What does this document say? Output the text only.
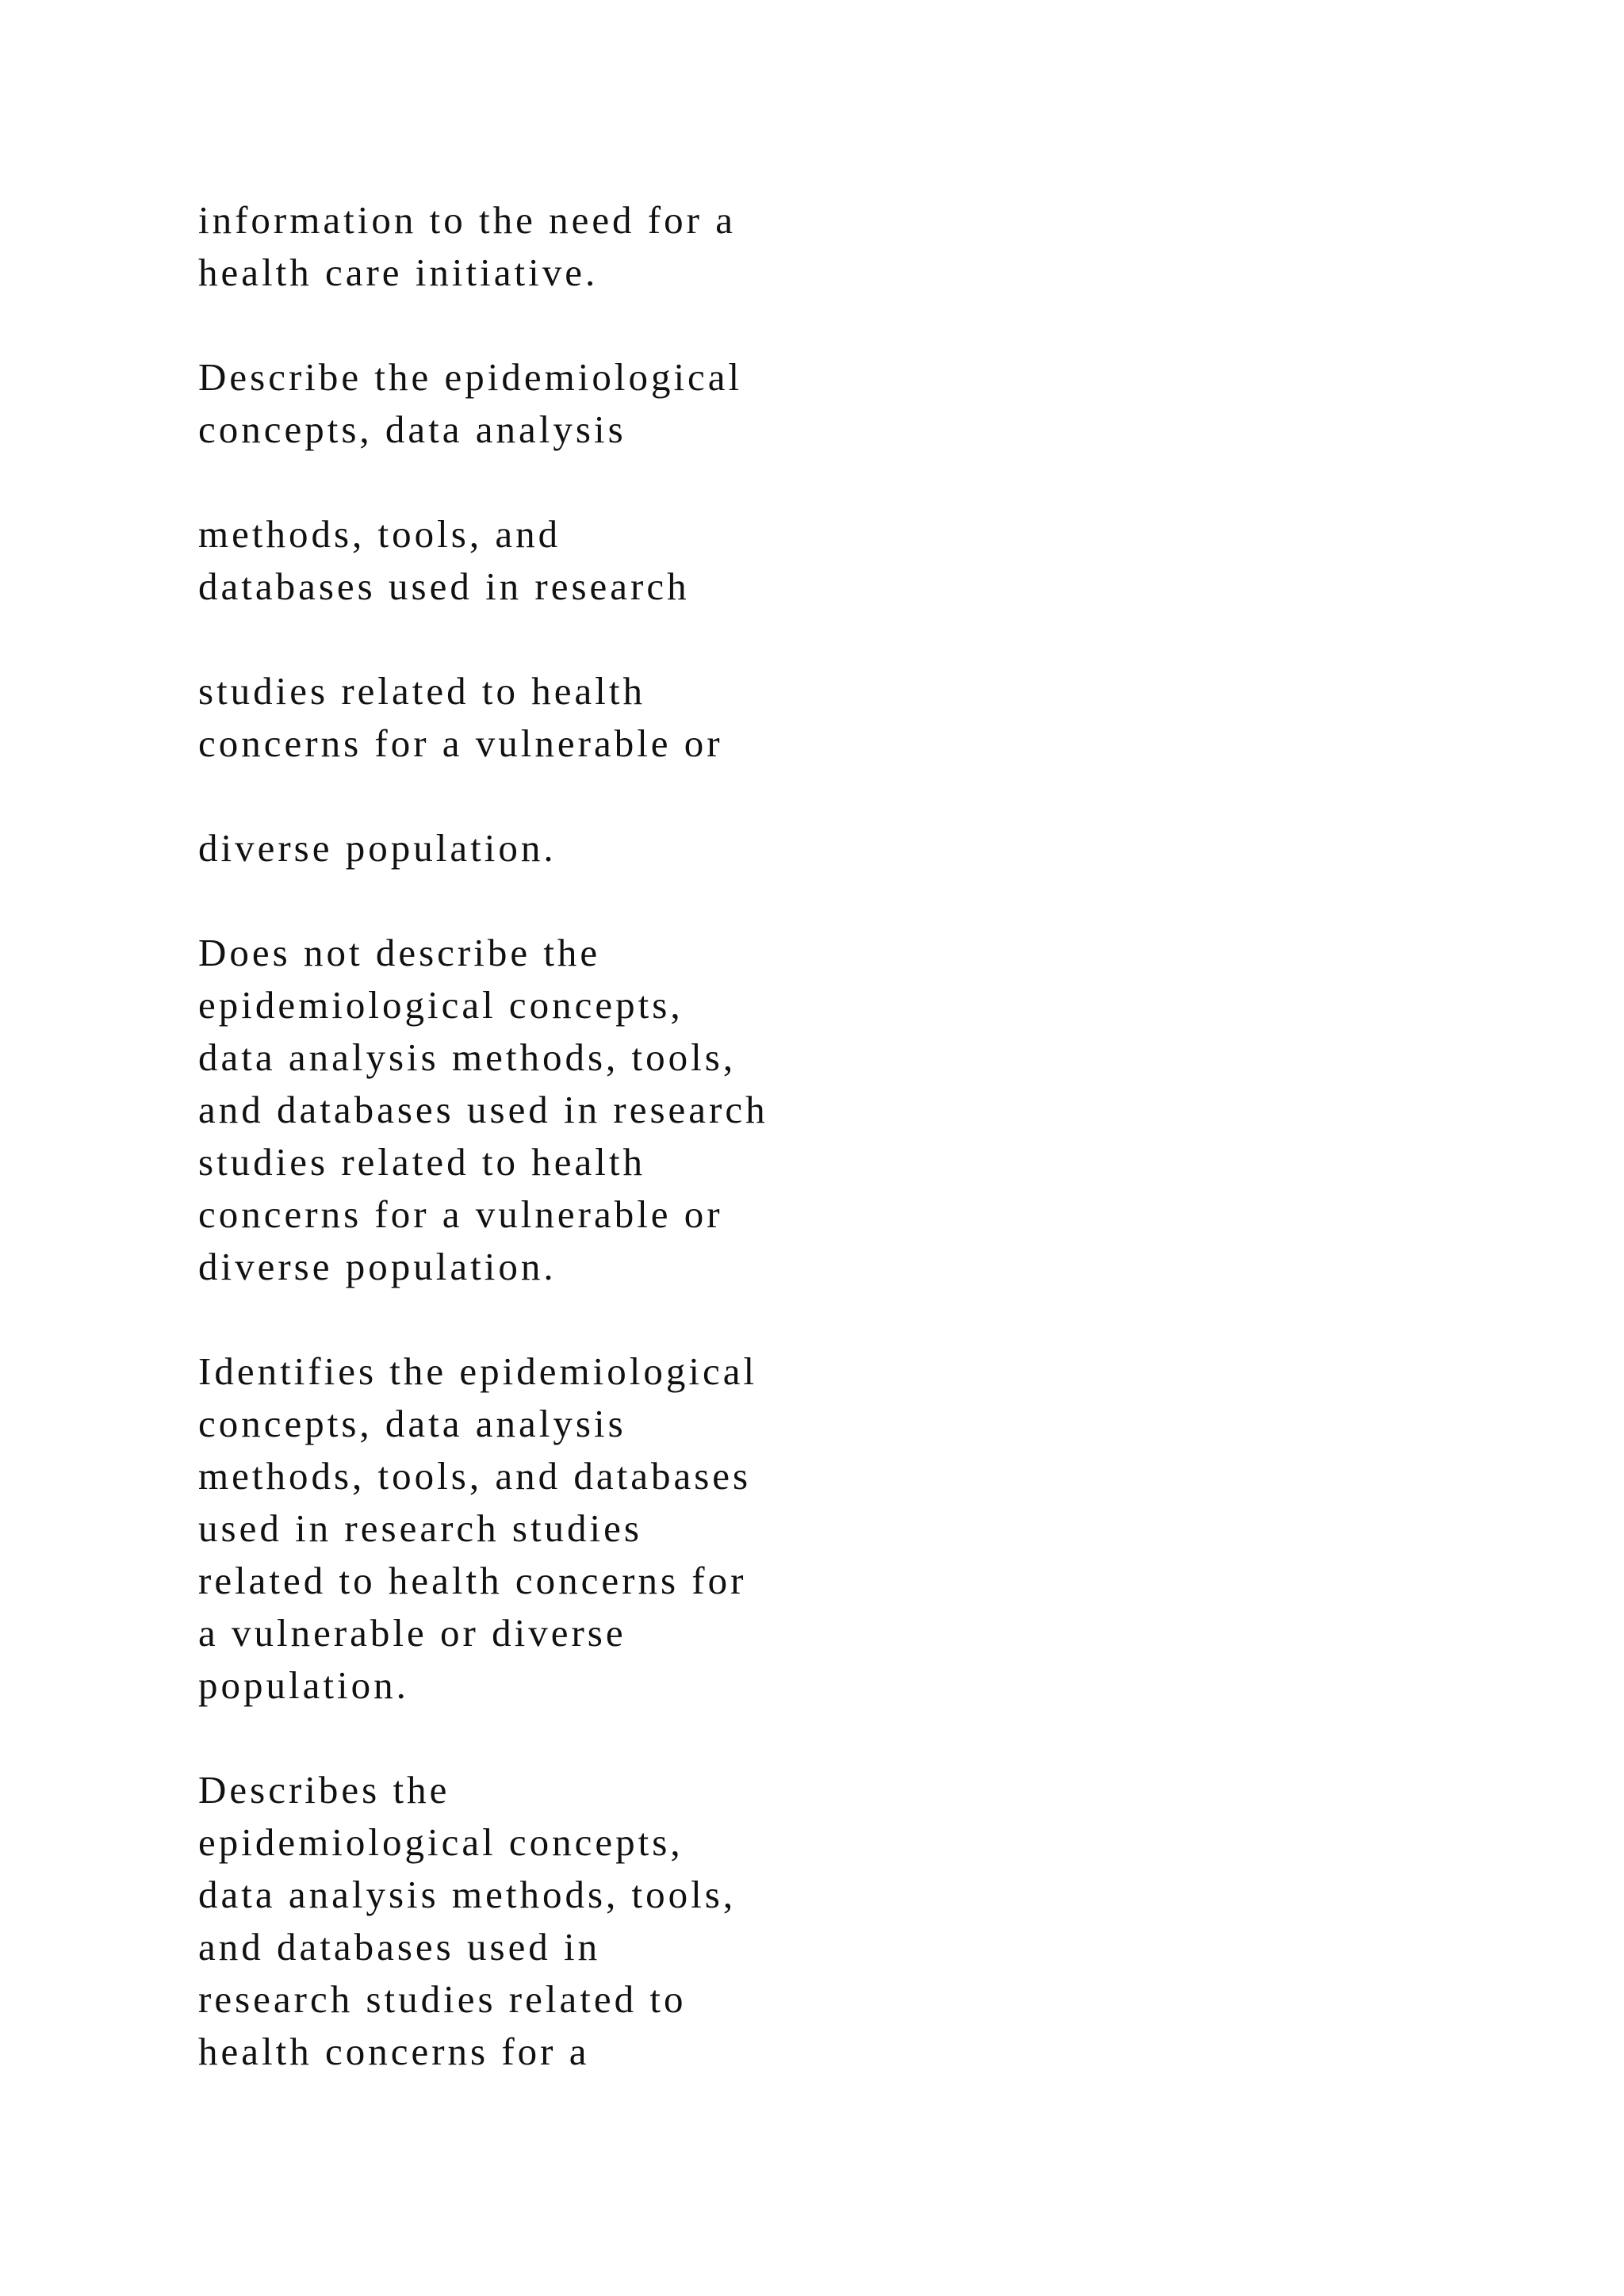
information to the need for a
health care initiative.
Describe the epidemiological
concepts, data analysis
methods, tools, and
databases used in research
studies related to health
concerns for a vulnerable or
diverse population.
Does not describe the
epidemiological concepts,
data analysis methods, tools,
and databases used in research
studies related to health
concerns for a vulnerable or
diverse population.
Identifies the epidemiological
concepts, data analysis
methods, tools, and databases
used in research studies
related to health concerns for
a vulnerable or diverse
population.
Describes the
epidemiological concepts,
data analysis methods, tools,
and databases used in
research studies related to
health concerns for a
